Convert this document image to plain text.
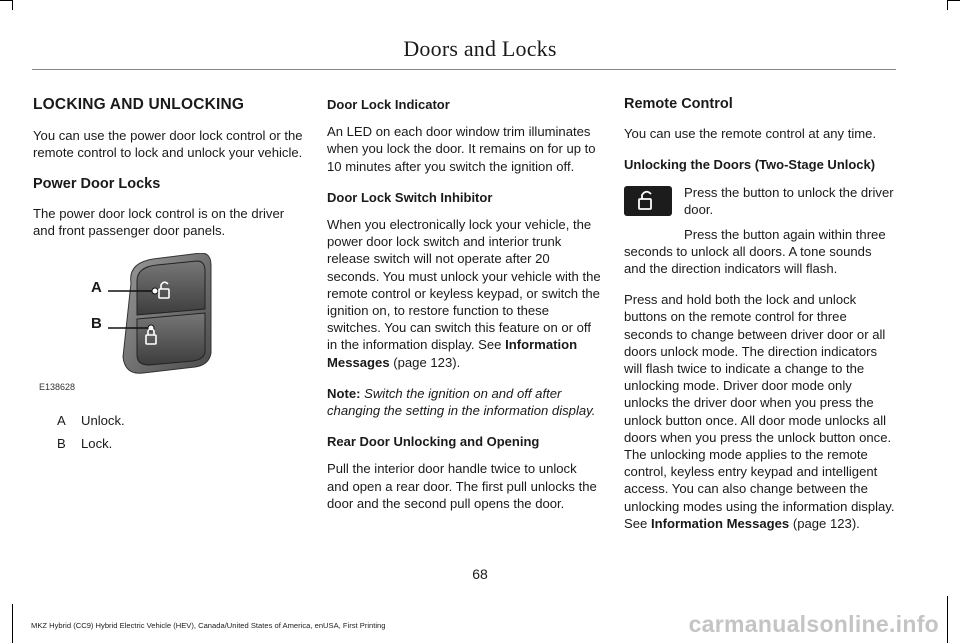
Doors and Locks
LOCKING AND UNLOCKING

You can use the power door lock control or the remote control to lock and unlock your vehicle.

Power Door Locks

The power door lock control is on the driver and front passenger door panels.

A
B
E138628
A	Unlock.
B	Lock.
Door Lock Indicator

An LED on each door window trim illuminates when you lock the door. It remains on for up to 10 minutes after you switch the ignition off.

Door Lock Switch Inhibitor

When you electronically lock your vehicle, the power door lock switch and interior trunk release switch will not operate after 20 seconds. You must unlock your vehicle with the remote control or keyless keypad, or switch the ignition on, to restore function to these switches. You can switch this feature on or off in the information display. See Information Messages (page 123).

Note: Switch the ignition on and off after changing the setting in the information display.

Rear Door Unlocking and Opening

Pull the interior door handle twice to unlock and open a rear door. The first pull unlocks the door and the second pull opens the door.

Remote Control

You can use the remote control at any time.

Unlocking the Doors (Two-Stage Unlock)
Press the button to unlock the driver door.

Press the button again within three seconds to unlock all doors. A tone sounds and the direction indicators will flash.

Press and hold both the lock and unlock buttons on the remote control for three seconds to change between driver door or all doors unlock mode. The direction indicators will flash twice to indicate a change to the unlocking mode. Driver door mode only unlocks the driver door when you press the unlock button once. All door mode unlocks all doors when you press the unlock button once. The unlocking mode applies to the remote control, keyless entry keypad and intelligent access. You can also change between the unlocking modes using the information display. See Information Messages (page 123).

68
MKZ Hybrid (CC9) Hybrid Electric Vehicle (HEV), Canada/United States of America, enUSA, First Printing	carmanualsonline.info
